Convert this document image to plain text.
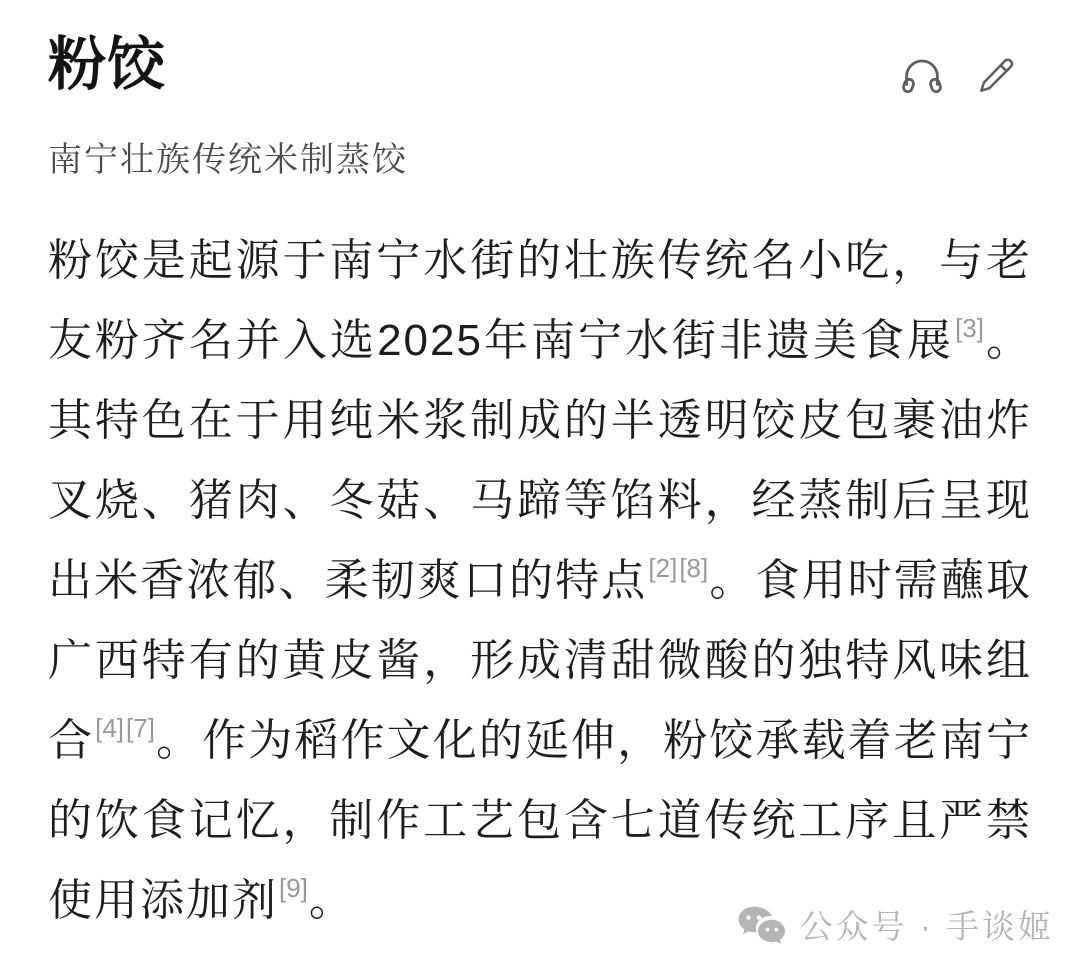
粉饺
南宁壮族传统米制蒸饺
粉饺是起源于南宁水街的壮族传统名小吃，与老友粉齐名并入选2025年南宁水街非遗美食展[3]。其特色在于用纯米浆制成的半透明饺皮包裹油炸叉烧、猪肉、冬菇、马蹄等馅料，经蒸制后呈现出米香浓郁、柔韧爽口的特点[2][8]。食用时需蘸取广西特有的黄皮酱，形成清甜微酸的独特风味组合[4][7]。作为稻作文化的延伸，粉饺承载着老南宁的饮食记忆，制作工艺包含七道传统工序且严禁使用添加剂[9]。
公众号 · 手谈姬
